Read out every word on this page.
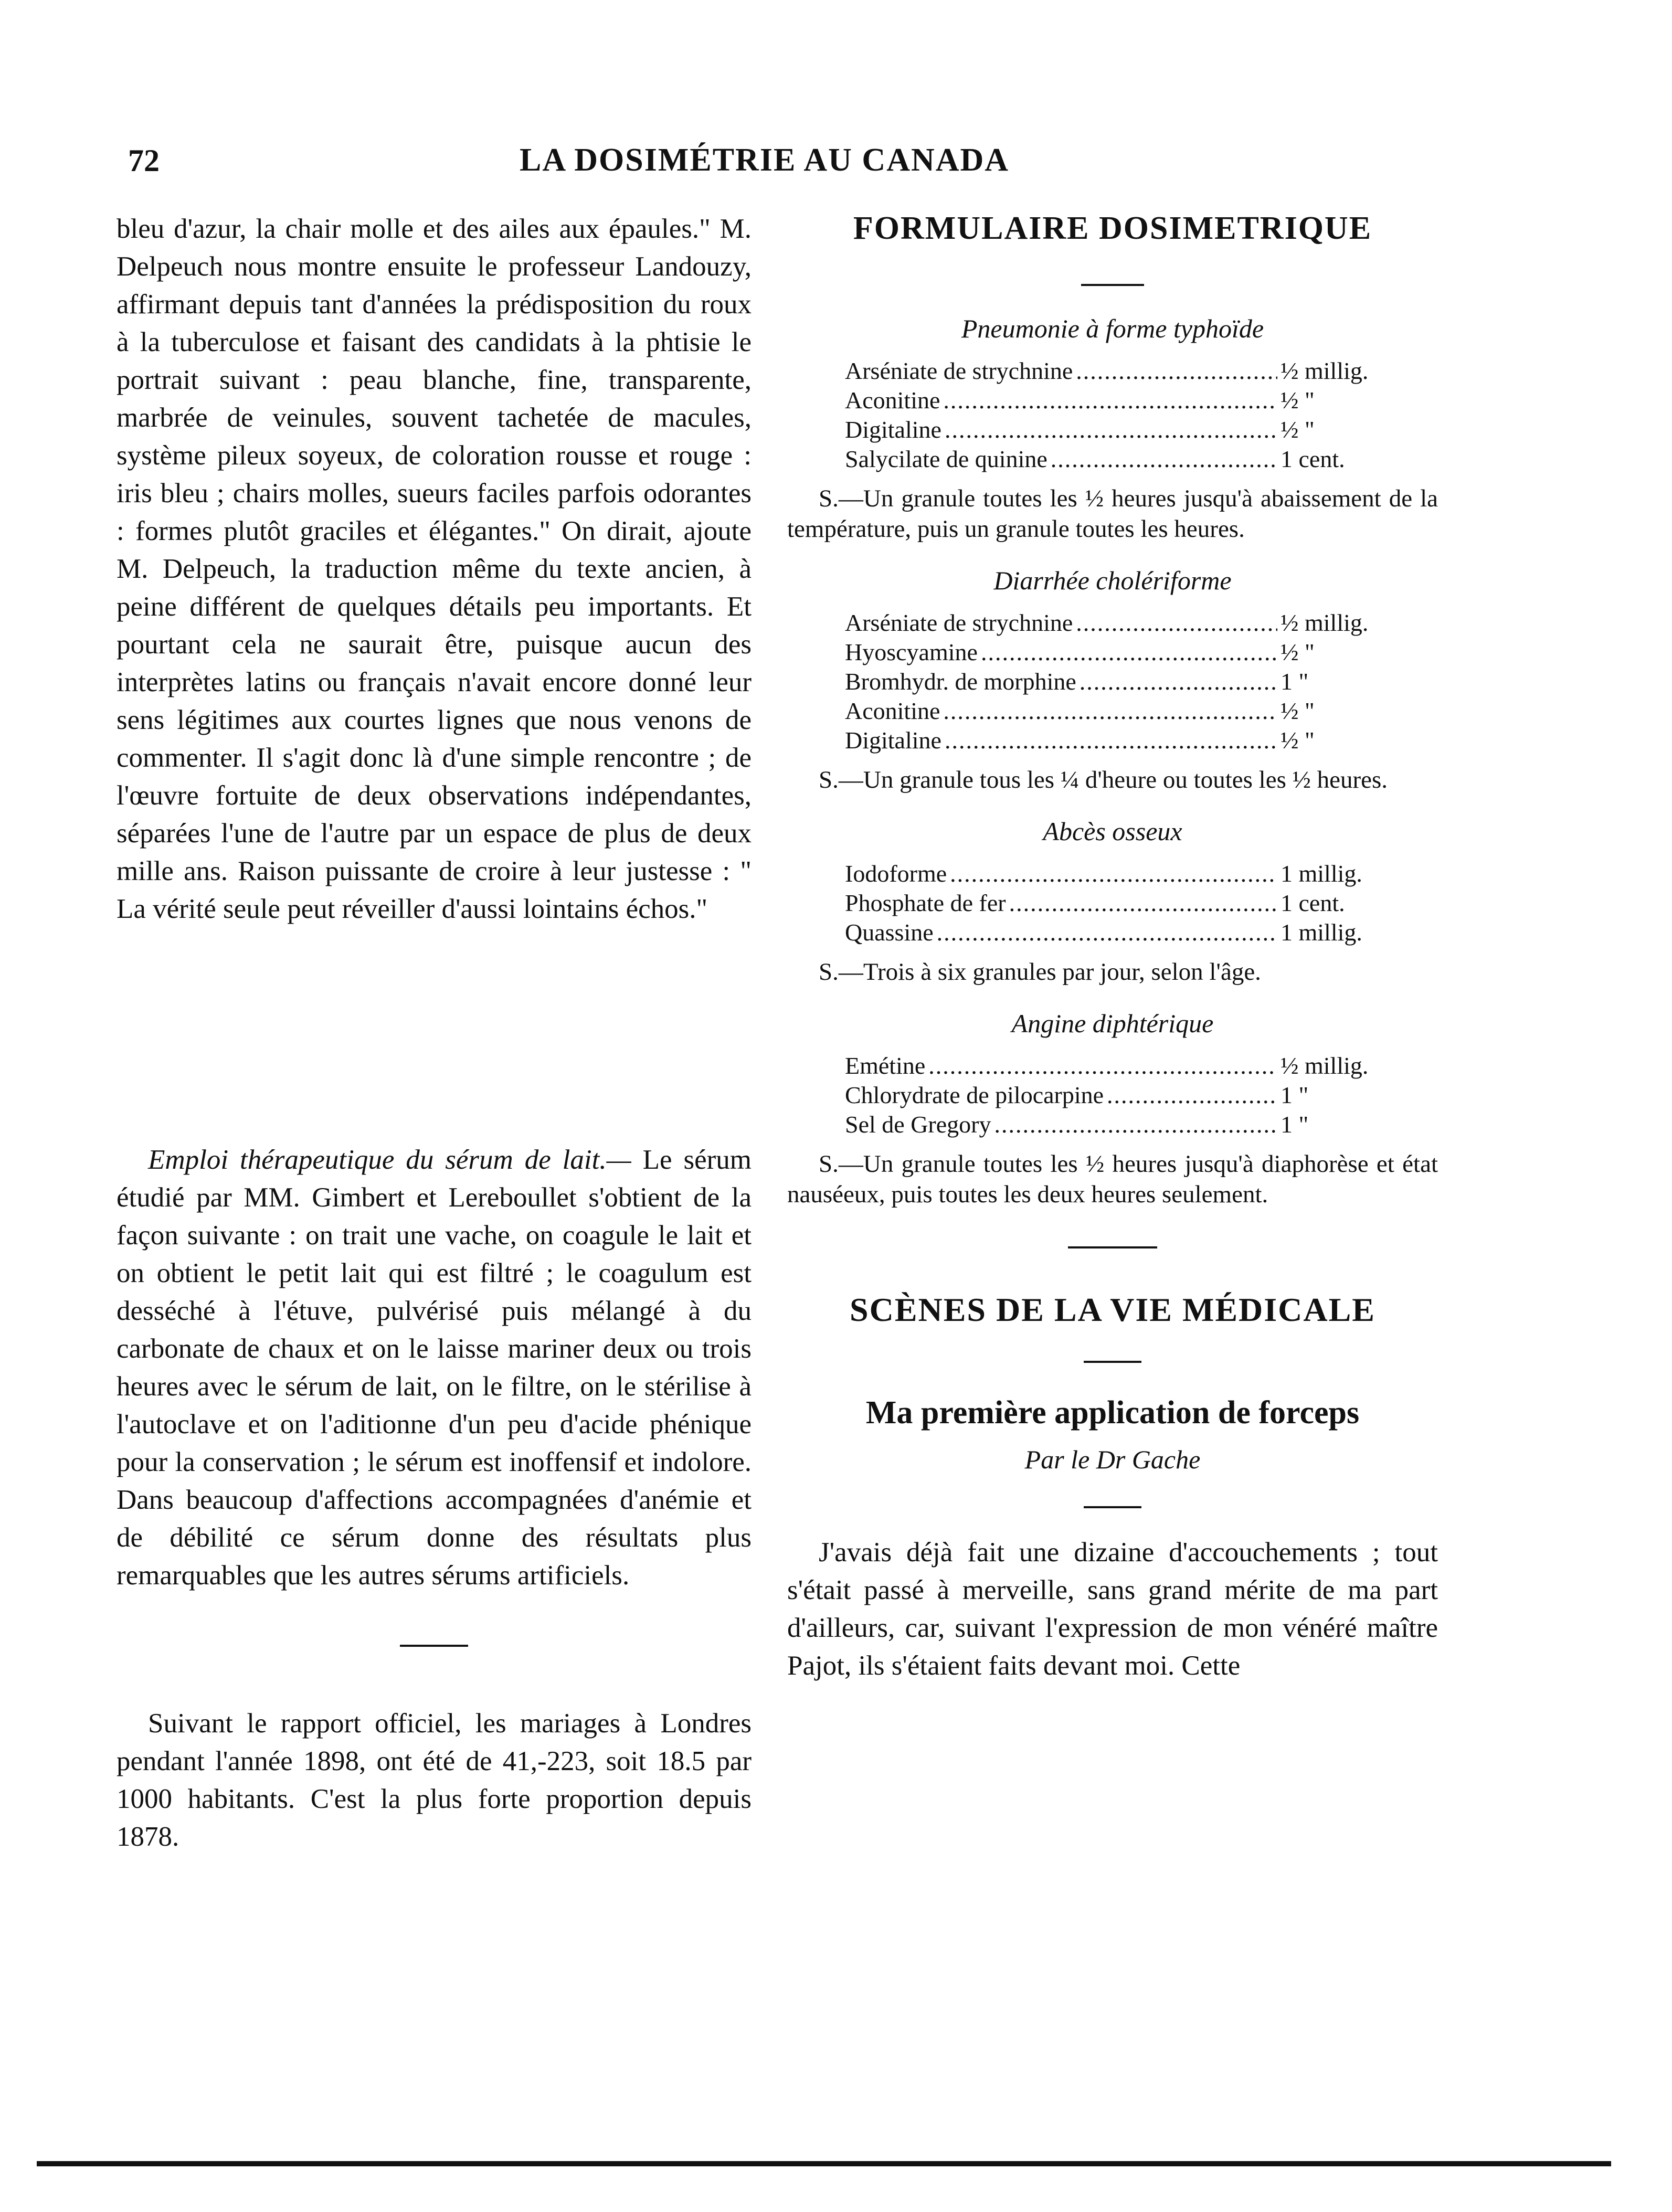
72	LA DOSIMÉTRIE AU CANADA

bleu d'azur, la chair molle et des ailes aux épaules." M. Delpeuch nous montre ensuite le professeur Landouzy, affirmant depuis tant d'années la prédisposition du roux à la tuberculose et faisant des candidats à la phtisie le portrait suivant : peau blanche, fine, transparente, marbrée de veinules, souvent tachetée de macules, système pileux soyeux, de coloration rousse et rouge : iris bleu ; chairs molles, sueurs faciles parfois odorantes : formes plutôt graciles et élégantes." On dirait, ajoute M. Delpeuch, la traduction même du texte ancien, à peine différent de quelques détails peu importants. Et pourtant cela ne saurait être, puisque aucun des interprètes latins ou français n'avait encore donné leur sens légitimes aux courtes lignes que nous venons de commenter. Il s'agit donc là d'une simple rencontre ; de l'œuvre fortuite de deux observations indépendantes, séparées l'une de l'autre par un espace de plus de deux mille ans. Raison puissante de croire à leur justesse : " La vérité seule peut réveiller d'aussi lointains échos."

Emploi thérapeutique du sérum de lait.— Le sérum étudié par MM. Gimbert et Lereboullet s'obtient de la façon suivante : on trait une vache, on coagule le lait et on obtient le petit lait qui est filtré ; le coagulum est desséché à l'étuve, pulvérisé puis mélangé à du carbonate de chaux et on le laisse mariner deux ou trois heures avec le sérum de lait, on le filtre, on le stérilise à l'autoclave et on l'aditionne d'un peu d'acide phénique pour la conservation ; le sérum est inoffensif et indolore. Dans beaucoup d'affections accompagnées d'anémie et de débilité ce sérum donne des résultats plus remarquables que les autres sérums artificiels.

Suivant le rapport officiel, les mariages à Londres pendant l'année 1898, ont été de 41,-223, soit 18.5 par 1000 habitants. C'est la plus forte proportion depuis 1878.

FORMULAIRE DOSIMETRIQUE
Pneumonie à forme typhoïde
Arséniate de strychnine .....	½ millig.
Aconitine .....	½ "
Digitaline .....	½ "
Salycilate de quinine .....	1 cent.

S.—Un granule toutes les ½ heures jusqu'à abaissement de la température, puis un granule toutes les heures.

Diarrhée cholériforme
Arséniate de strychnine .....	½ millig.
Hyoscyamine .....	½ "
Bromhydr. de morphine .....	1 "
Aconitine .....	½ "
Digitaline .....	½ "

S.—Un granule tous les ¼ d'heure ou toutes les ½ heures.

Abcès osseux
Iodoforme .....	1 millig.
Phosphate de fer .....	1 cent.
Quassine .....	1 millig.

S.—Trois à six granules par jour, selon l'âge.

Angine diphtérique
Emétine .....	½ millig.
Chlorydrate de pilocarpine .....	1 "
Sel de Gregory .....	1 "

S.—Un granule toutes les ½ heures jusqu'à diaphorèse et état nauséeux, puis toutes les deux heures seulement.

SCÈNES DE LA VIE MÉDICALE
Ma première application de forceps
Par le Dr Gache

J'avais déjà fait une dizaine d'accouchements ; tout s'était passé à merveille, sans grand mérite de ma part d'ailleurs, car, suivant l'expression de mon vénéré maître Pajot, ils s'étaient faits devant moi. Cette
